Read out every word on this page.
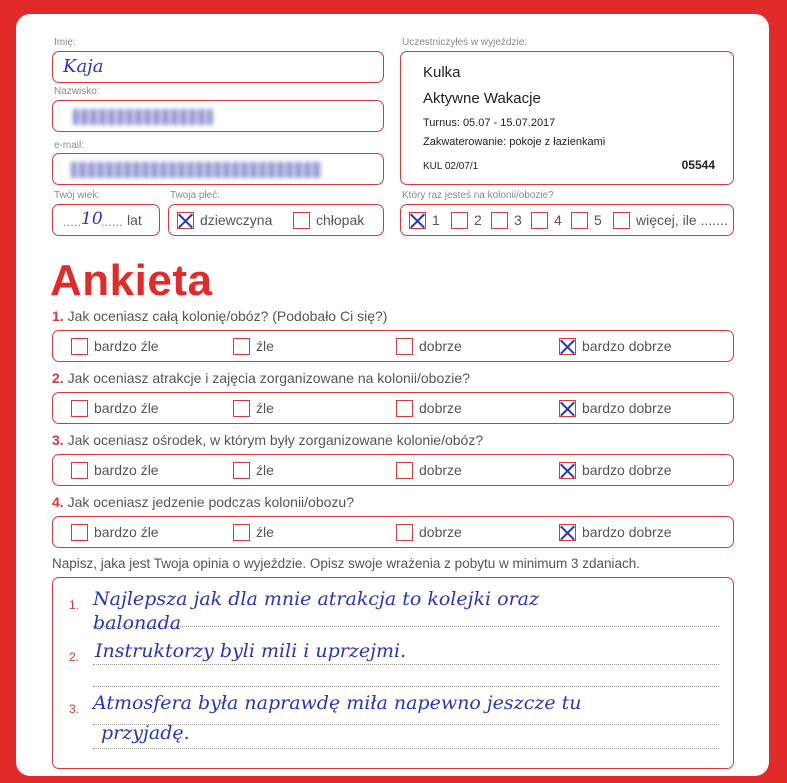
Imię:
Kaja
Nazwisko:
e-mail:
Twój wiek:
..... 10
...... lat
Twoja płeć:
dziewczyna	chłopak
Uczestniczyłeś w wyjeździe:
Kulka
Aktywne Wakacje
Turnus: 05.07 - 15.07.2017
Zakwaterowanie: pokoje z łazienkami
KUL 02/07/1	05544
Który raz jesteś na kolonii/obozie?
1	2	3	4	5	więcej, ile .......
Ankieta
1. Jak oceniasz całą kolonię/obóz? (Podobało Ci się?)
bardzo źle	źle	dobrze	bardzo dobrze
2. Jak oceniasz atrakcje i zajęcia zorganizowane na kolonii/obozie?
bardzo źle	źle	dobrze	bardzo dobrze
3. Jak oceniasz ośrodek, w którym były zorganizowane kolonie/obóz?
bardzo źle	źle	dobrze	bardzo dobrze
4. Jak oceniasz jedzenie podczas kolonii/obozu?
bardzo źle	źle	dobrze	bardzo dobrze
Napisz, jaka jest Twoja opinia o wyjeździe. Opisz swoje wrażenia z pobytu w minimum 3 zdaniach.
1. Najlepsza jak dla mnie atrakcja to kolejki oraz
balonada
2. Instruktorzy byli mili i uprzejmi.
3. Atmosfera była naprawdę miła napewno jeszcze tu
przyjadę.
